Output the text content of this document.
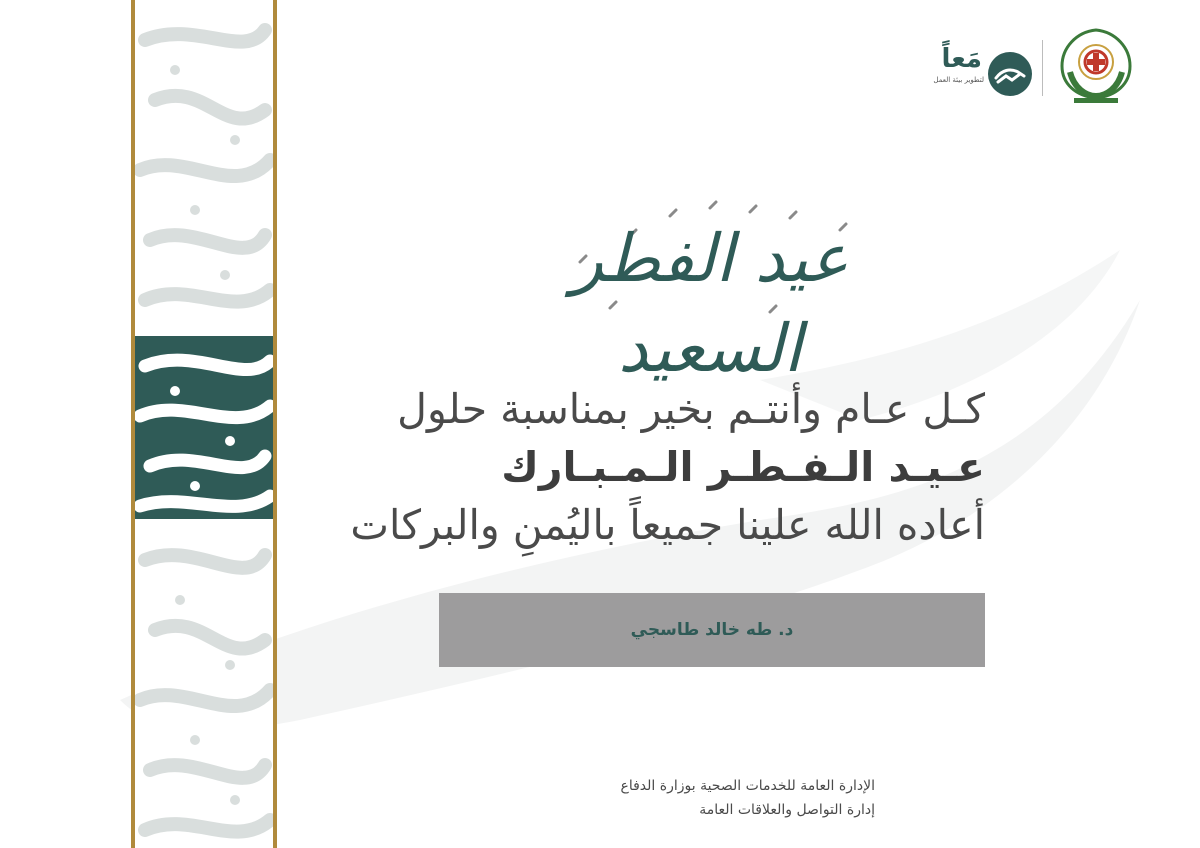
مَعاً
لتطوير بيئة العمل
عيد الفطر السعيد
كـل عـام وأنتـم بخير بمناسبة حلول
عـيـد الـفـطـر الـمـبـارك
أعاده الله علينا جميعاً باليُمنِ والبركات
د. طه خالد طاسجي
الإدارة العامة للخدمات الصحية بوزارة الدفاع
إدارة التواصل والعلاقات العامة
